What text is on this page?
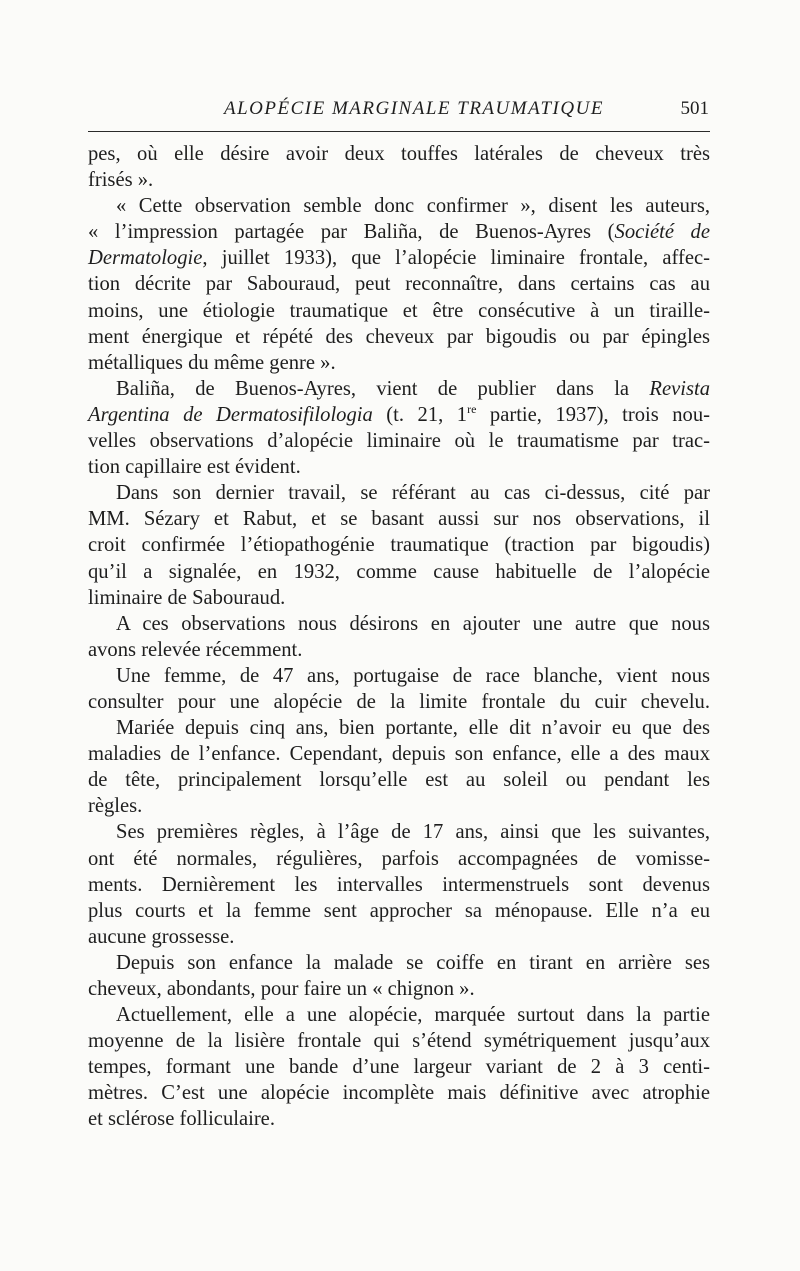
ALOPÉCIE MARGINALE TRAUMATIQUE	501
pes, où elle désire avoir deux touffes latérales de cheveux très
frisés ».
« Cette observation semble donc confirmer », disent les auteurs,
« l’impression partagée par Baliña, de Buenos-Ayres (Société de
Dermatologie, juillet 1933), que l’alopécie liminaire frontale, affec-
tion décrite par Sabouraud, peut reconnaître, dans certains cas au
moins, une étiologie traumatique et être consécutive à un tiraille-
ment énergique et répété des cheveux par bigoudis ou par épingles
métalliques du même genre ».
Baliña, de Buenos-Ayres, vient de publier dans la Revista
Argentina de Dermatosifilologia (t. 21, 1re partie, 1937), trois nou-
velles observations d’alopécie liminaire où le traumatisme par trac-
tion capillaire est évident.
Dans son dernier travail, se référant au cas ci-dessus, cité par
MM. Sézary et Rabut, et se basant aussi sur nos observations, il
croit confirmée l’étiopathogénie traumatique (traction par bigoudis)
qu’il a signalée, en 1932, comme cause habituelle de l’alopécie
liminaire de Sabouraud.
A ces observations nous désirons en ajouter une autre que nous
avons relevée récemment.
Une femme, de 47 ans, portugaise de race blanche, vient nous
consulter pour une alopécie de la limite frontale du cuir chevelu.
Mariée depuis cinq ans, bien portante, elle dit n’avoir eu que des
maladies de l’enfance. Cependant, depuis son enfance, elle a des maux
de tête, principalement lorsqu’elle est au soleil ou pendant les
règles.
Ses premières règles, à l’âge de 17 ans, ainsi que les suivantes,
ont été normales, régulières, parfois accompagnées de vomisse-
ments. Dernièrement les intervalles intermenstruels sont devenus
plus courts et la femme sent approcher sa ménopause. Elle n’a eu
aucune grossesse.
Depuis son enfance la malade se coiffe en tirant en arrière ses
cheveux, abondants, pour faire un « chignon ».
Actuellement, elle a une alopécie, marquée surtout dans la partie
moyenne de la lisière frontale qui s’étend symétriquement jusqu’aux
tempes, formant une bande d’une largeur variant de 2 à 3 centi-
mètres. C’est une alopécie incomplète mais définitive avec atrophie
et sclérose folliculaire.
